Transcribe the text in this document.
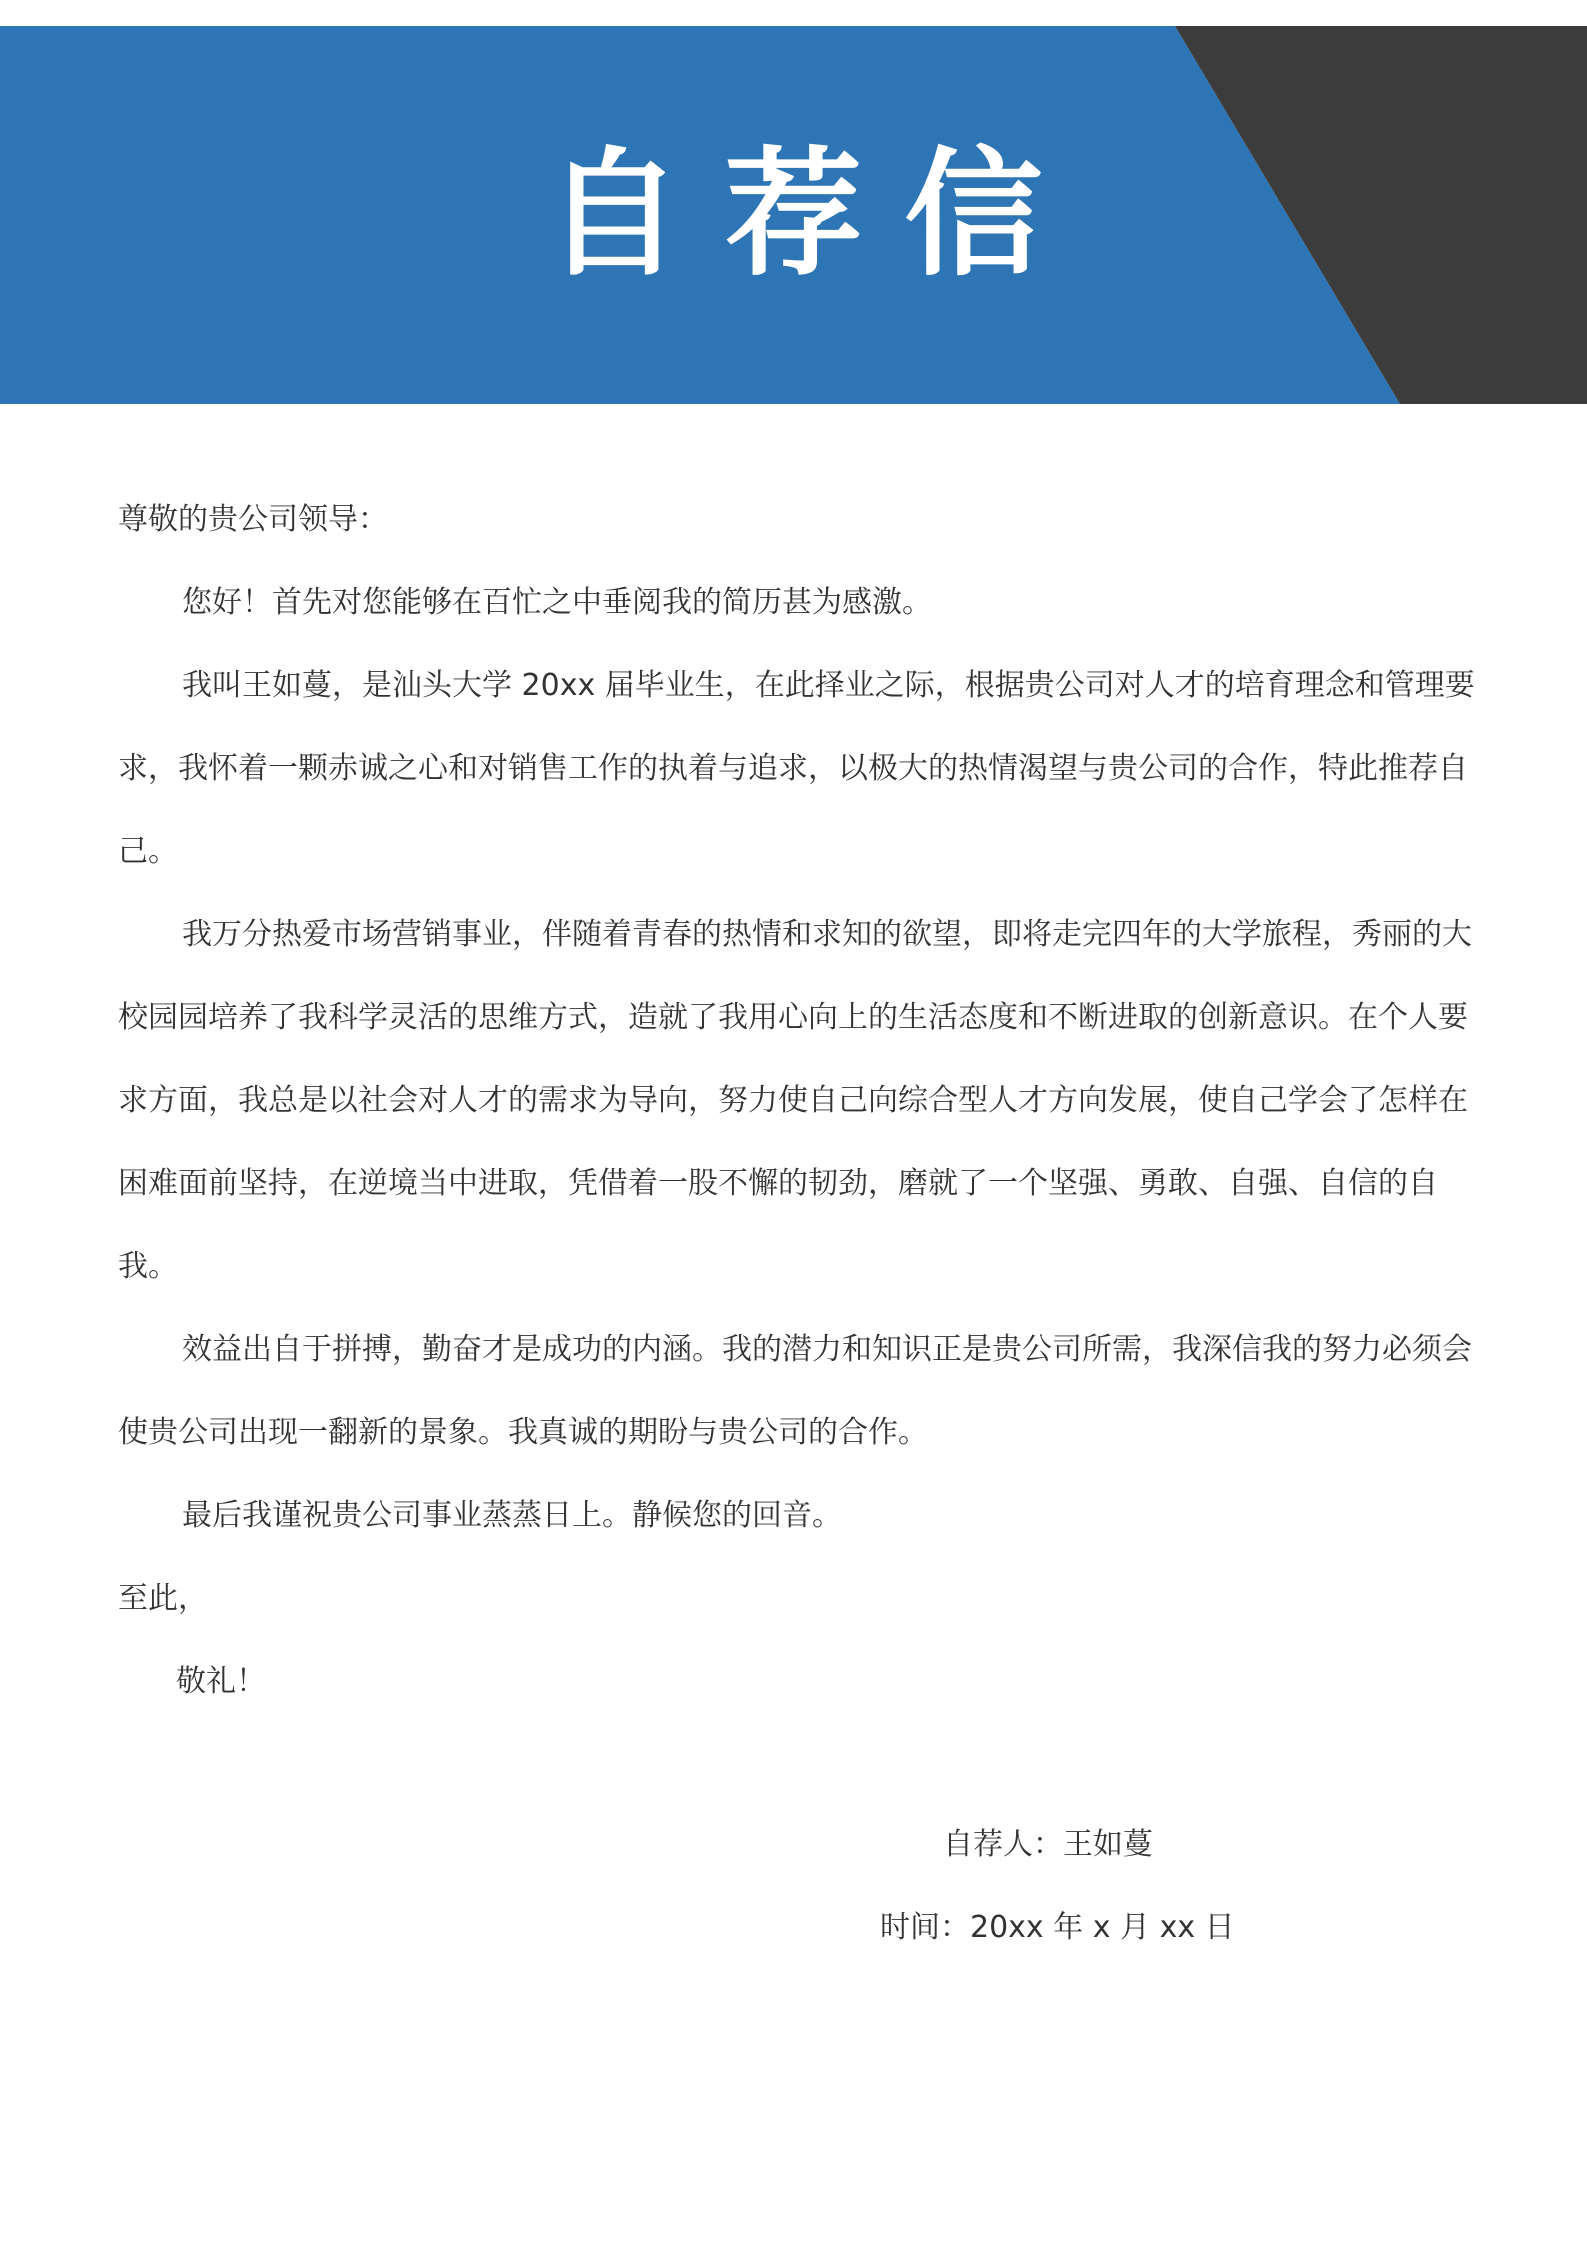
自荐信

尊敬的贵公司领导：

您好！首先对您能够在百忙之中垂阅我的简历甚为感激。

我叫王如蔓，是汕头大学 20xx 届毕业生，在此择业之际，根据贵公司对人才的培育理念和管理要求，我怀着一颗赤诚之心和对销售工作的执着与追求，以极大的热情渴望与贵公司的合作，特此推荐自己。

我万分热爱市场营销事业，伴随着青春的热情和求知的欲望，即将走完四年的大学旅程，秀丽的大校园园培养了我科学灵活的思维方式，造就了我用心向上的生活态度和不断进取的创新意识。在个人要求方面，我总是以社会对人才的需求为导向，努力使自己向综合型人才方向发展，使自己学会了怎样在困难面前坚持，在逆境当中进取，凭借着一股不懈的韧劲，磨就了一个坚强、勇敢、自强、自信的自我。

效益出自于拼搏，勤奋才是成功的内涵。我的潜力和知识正是贵公司所需，我深信我的努力必须会使贵公司出现一翻新的景象。我真诚的期盼与贵公司的合作。

最后我谨祝贵公司事业蒸蒸日上。静候您的回音。

至此，

敬礼！

自荐人：王如蔓
时间：20xx 年 x 月 xx 日
